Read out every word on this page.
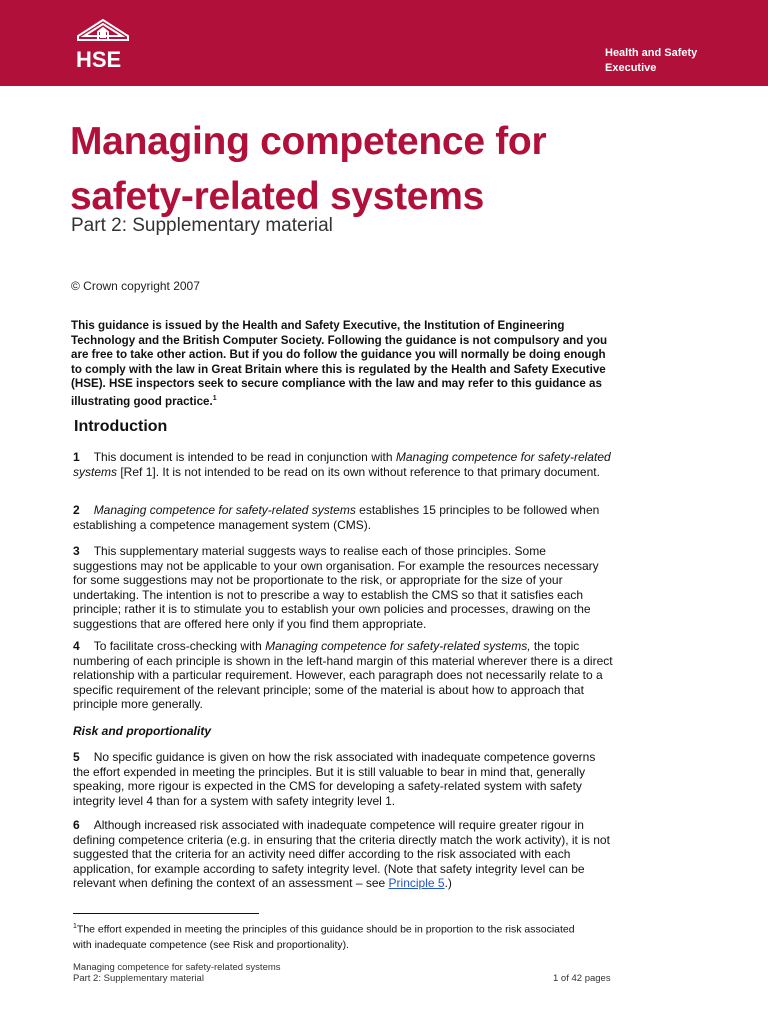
HSE	Health and Safety
Executive
Managing competence for
safety-related systems

Part 2: Supplementary material

© Crown copyright 2007

This guidance is issued by the Health and Safety Executive, the Institution of Engineering Technology and the British Computer Society. Following the guidance is not compulsory and you are free to take other action. But if you do follow the guidance you will normally be doing enough to comply with the law in Great Britain where this is regulated by the Health and Safety Executive (HSE). HSE inspectors seek to secure compliance with the law and may refer to this guidance as illustrating good practice.$^1$

Introduction

1 This document is intended to be read in conjunction with Managing competence for safety-related systems [Ref 1]. It is not intended to be read on its own without reference to that primary document.

2 Managing competence for safety-related systems establishes 15 principles to be followed when establishing a competence management system (CMS).

3 This supplementary material suggests ways to realise each of those principles. Some suggestions may not be applicable to your own organisation. For example the resources necessary for some suggestions may not be proportionate to the risk, or appropriate for the size of your undertaking. The intention is not to prescribe a way to establish the CMS so that it satisfies each principle; rather it is to stimulate you to establish your own policies and processes, drawing on the suggestions that are offered here only if you find them appropriate.

4 To facilitate cross-checking with Managing competence for safety-related systems, the topic numbering of each principle is shown in the left-hand margin of this material wherever there is a direct relationship with a particular requirement. However, each paragraph does not necessarily relate to a specific requirement of the relevant principle; some of the material is about how to approach that principle more generally.

Risk and proportionality

5 No specific guidance is given on how the risk associated with inadequate competence governs the effort expended in meeting the principles. But it is still valuable to bear in mind that, generally speaking, more rigour is expected in the CMS for developing a safety-related system with safety integrity level 4 than for a system with safety integrity level 1.

6 Although increased risk associated with inadequate competence will require greater rigour in defining competence criteria (e.g. in ensuring that the criteria directly match the work activity), it is not suggested that the criteria for an activity need differ according to the risk associated with each application, for example according to safety integrity level. (Note that safety integrity level can be relevant when defining the context of an assessment – see Principle 5.)

$^1$The effort expended in meeting the principles of this guidance should be in proportion to the risk associated with inadequate competence (see Risk and proportionality).

Managing competence for safety-related systems
Part 2: Supplementary material	1 of 42 pages
